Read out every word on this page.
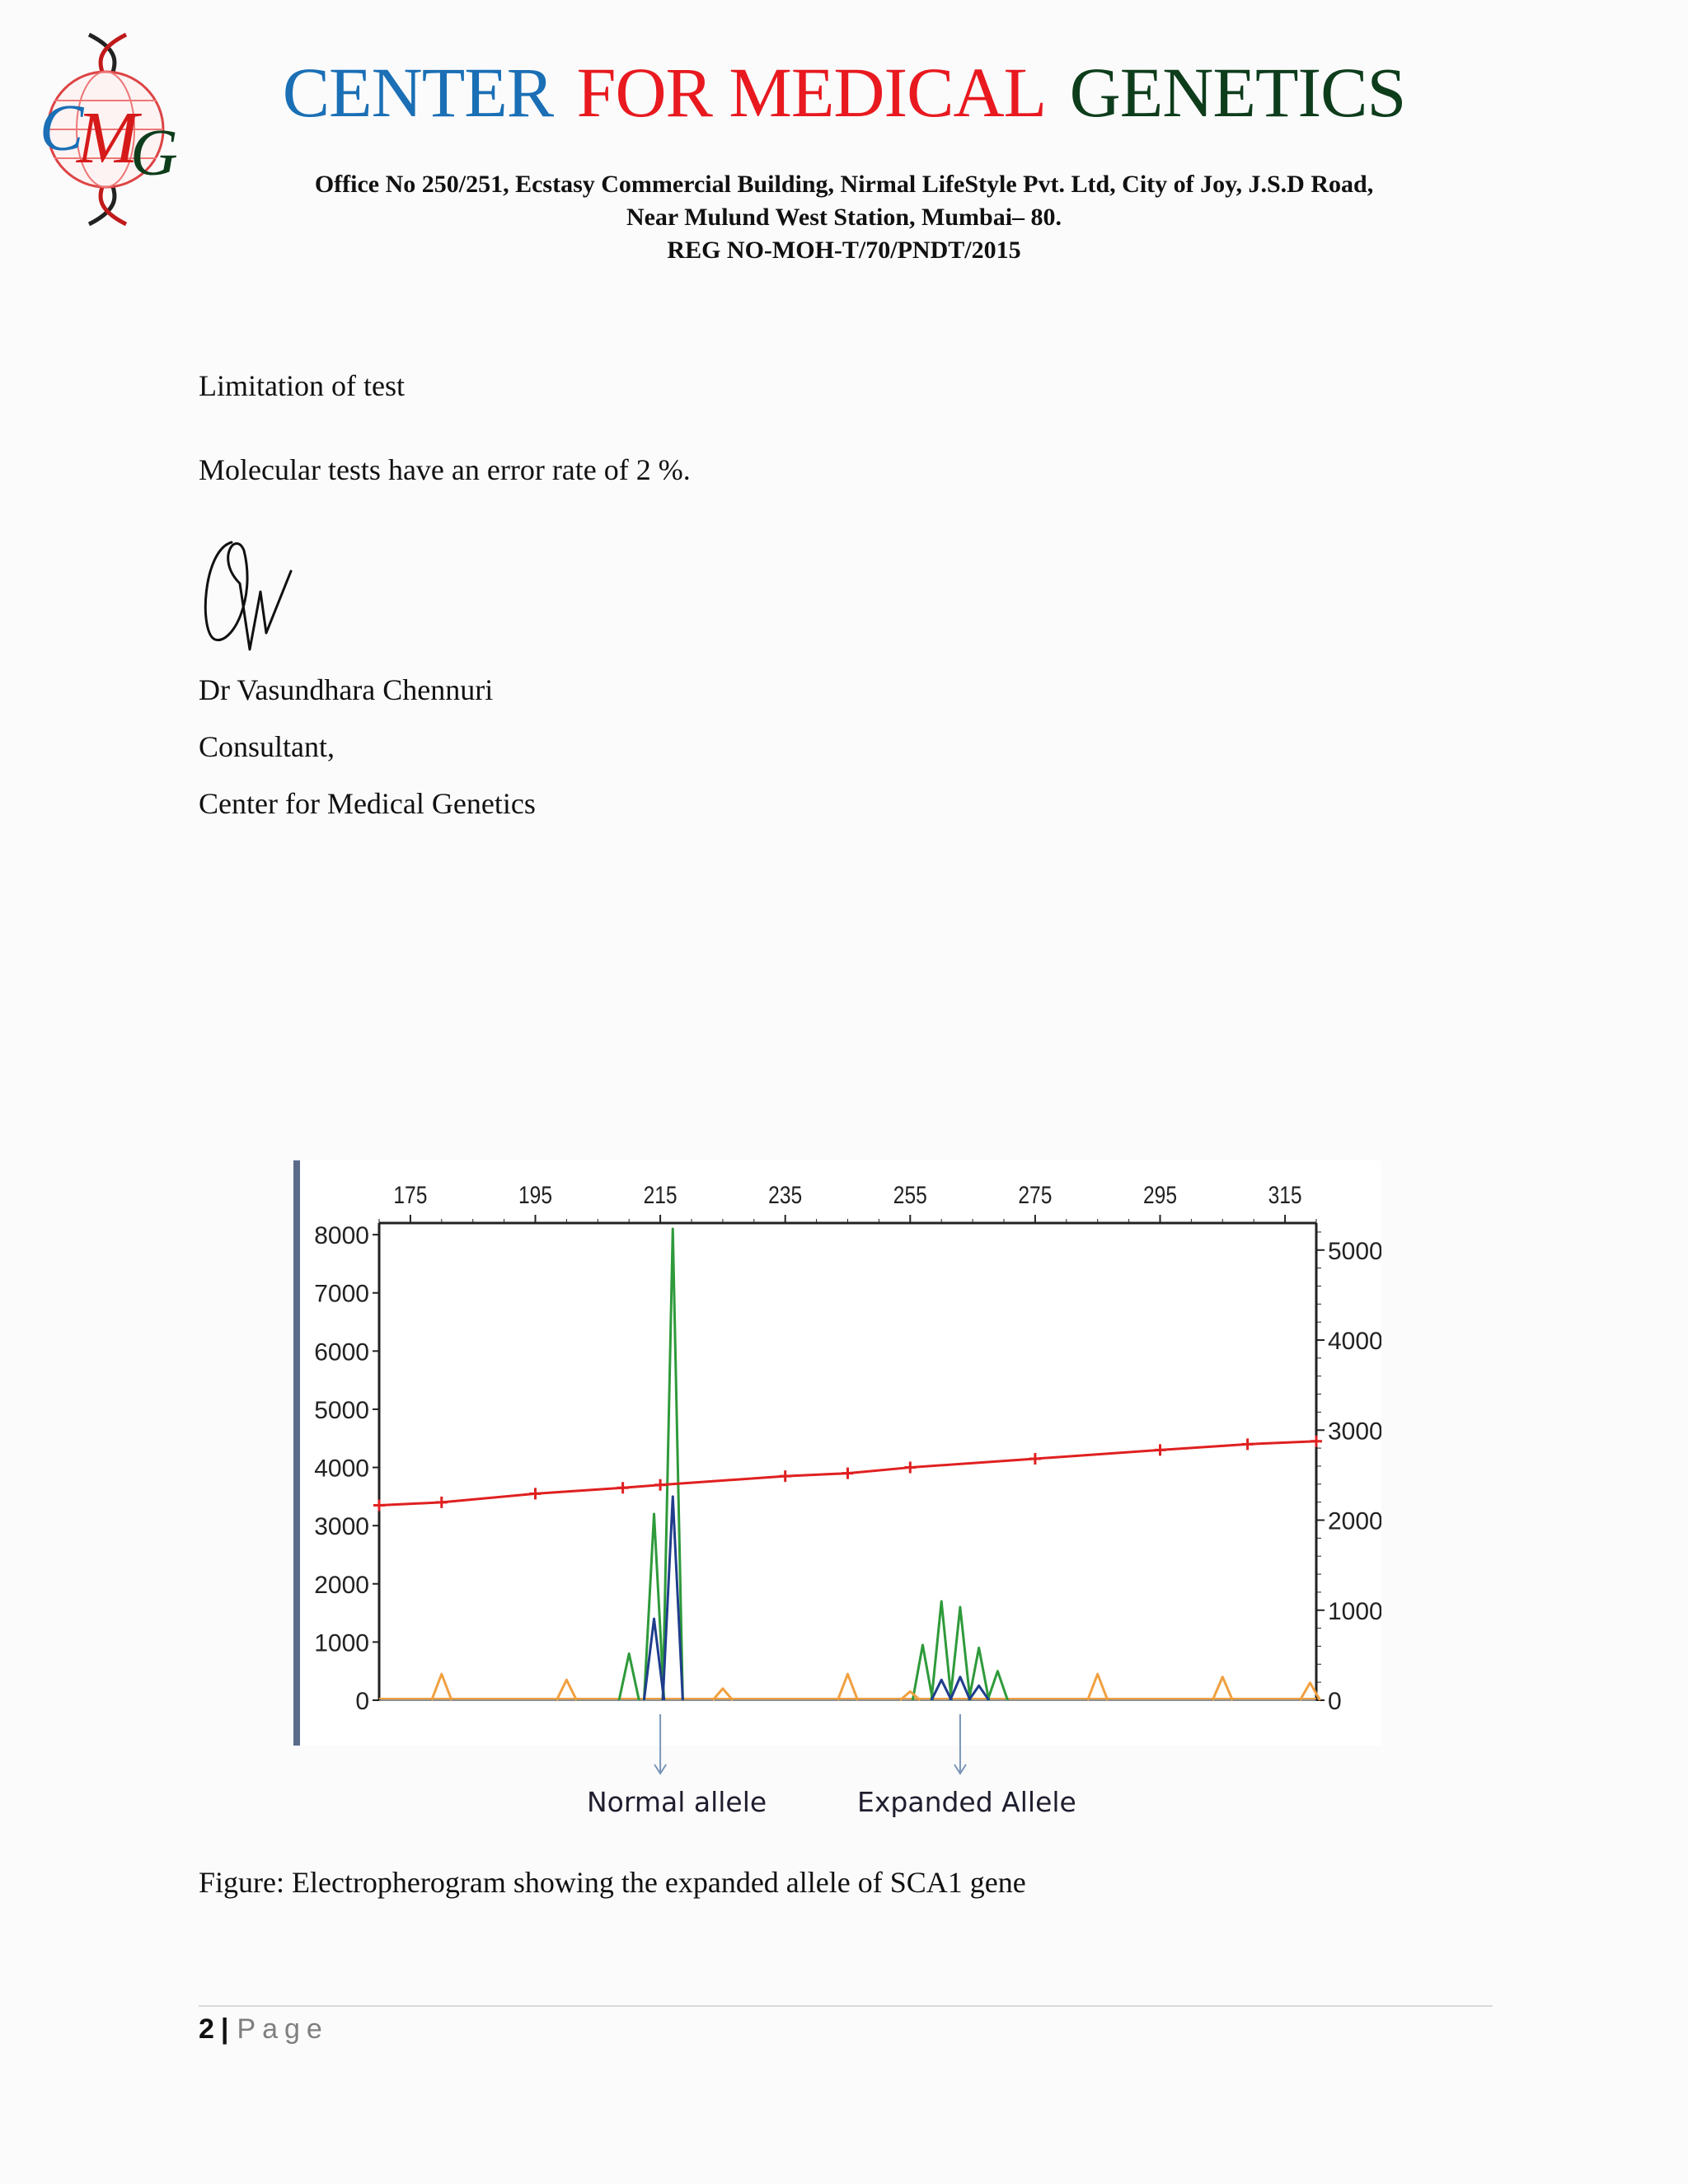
C
M
G
CENTER FOR MEDICAL GENETICS
Office No 250/251, Ecstasy Commercial Building, Nirmal LifeStyle Pvt. Ltd, City of Joy, J.S.D Road,
Near Mulund West Station, Mumbai– 80.
REG NO-MOH-T/70/PNDT/2015
Limitation of test
Molecular tests have an error rate of 2 %.
Dr Vasundhara Chennuri
Consultant,
Center for Medical Genetics
175	195	215	235	255	275	295	315
0
1000
2000
3000
4000
5000
6000
7000
8000
0
1000
2000
3000
4000
5000
Normal allele	Expanded Allele
Figure: Electropherogram showing the expanded allele of SCA1 gene
2 | Page
